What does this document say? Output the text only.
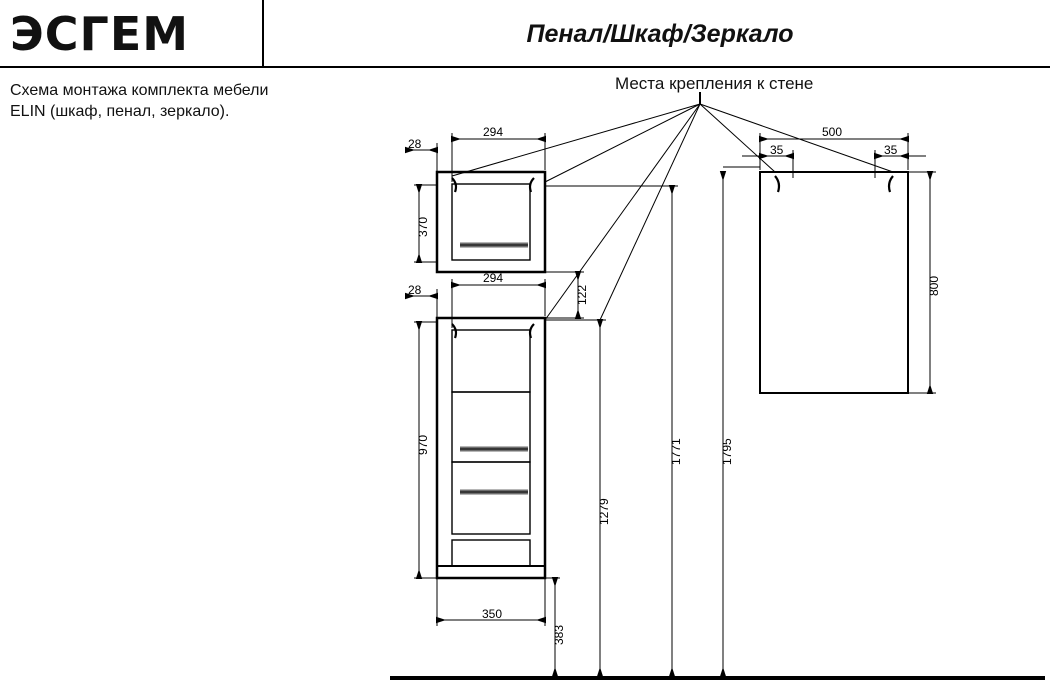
ЭСГЕМ	Пенал/Шкаф/Зеркало
Схема монтажа комплекта мебели
ELIN (шкаф, пенал, зеркало).
Места крепления к стене
28
294
370
122
28
294
970
350
383
1279
1771	1795
35
500
35
800
